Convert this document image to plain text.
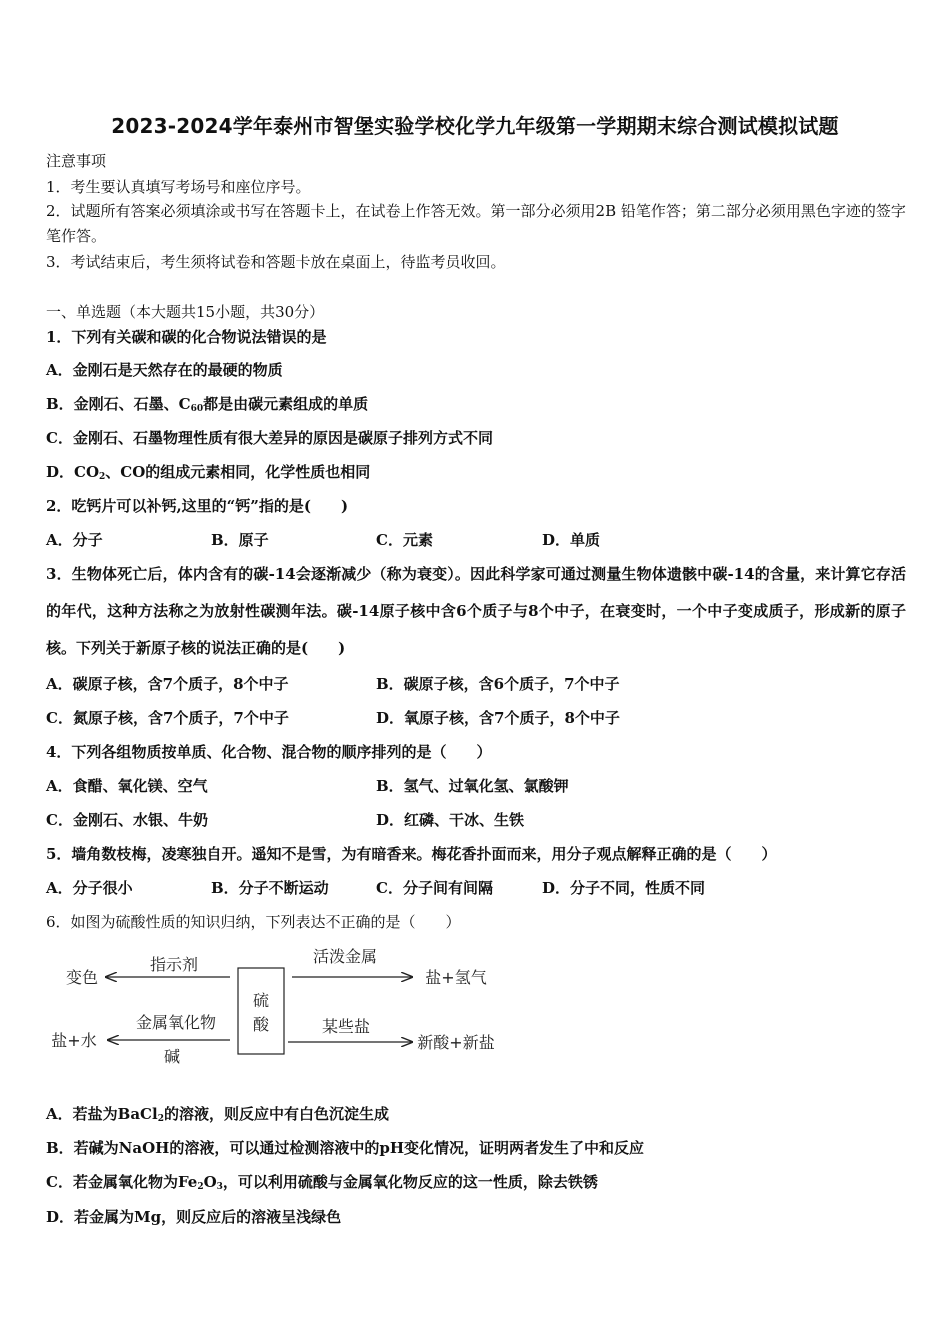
2023-2024学年泰州市智堡实验学校化学九年级第一学期期末综合测试模拟试题
注意事项
1．考生要认真填写考场号和座位序号。
2．试题所有答案必须填涂或书写在答题卡上，在试卷上作答无效。第一部分必须用2B 铅笔作答；第二部分必须用黑色字迹的签字笔作答。
3．考试结束后，考生须将试卷和答题卡放在桌面上，待监考员收回。
一、单选题（本大题共15小题，共30分）
1．下列有关碳和碳的化合物说法错误的是
A．金刚石是天然存在的最硬的物质
B．金刚石、石墨、$C_{60}$都是由碳元素组成的单质
C．金刚石、石墨物理性质有很大差异的原因是碳原子排列方式不同
D．$CO_2$、CO的组成元素相同，化学性质也相同
2．吃钙片可以补钙,这里的“钙”指的是(　　)
A．分子	B．原子	C．元素	D．单质
3．生物体死亡后，体内含有的碳-14会逐渐减少（称为衰变）。因此科学家可通过测量生物体遗骸中碳-14的含量，来计算它存活的年代，这种方法称之为放射性碳测年法。碳-14原子核中含6个质子与8个中子，在衰变时，一个中子变成质子，形成新的原子核。下列关于新原子核的说法正确的是(　　)
A．碳原子核，含7个质子，8个中子	B．碳原子核，含6个质子，7个中子
C．氮原子核，含7个质子，7个中子	D．氧原子核，含7个质子，8个中子
4．下列各组物质按单质、化合物、混合物的顺序排列的是（　　）
A．食醋、氧化镁、空气	B．氢气、过氧化氢、氯酸钾
C．金刚石、水银、牛奶	D．红磷、干冰、生铁
5．墙角数枝梅，凌寒独自开。遥知不是雪，为有暗香来。梅花香扑面而来，用分子观点解释正确的是（　　）
A．分子很小	B．分子不断运动	C．分子间有间隔	D．分子不同，性质不同
6．如图为硫酸性质的知识归纳，下列表达不正确的是（　　）
硫
酸
指示剂
变色
活泼金属
盐+氢气
金属氧化物
碱
盐+水
某些盐
新酸+新盐
A．若盐为BaCl$_2$的溶液，则反应中有白色沉淀生成
B．若碱为NaOH的溶液，可以通过检测溶液中的pH变化情况，证明两者发生了中和反应
C．若金属氧化物为$Fe_2O_3$，可以利用硫酸与金属氧化物反应的这一性质，除去铁锈
D．若金属为Mg，则反应后的溶液呈浅绿色
